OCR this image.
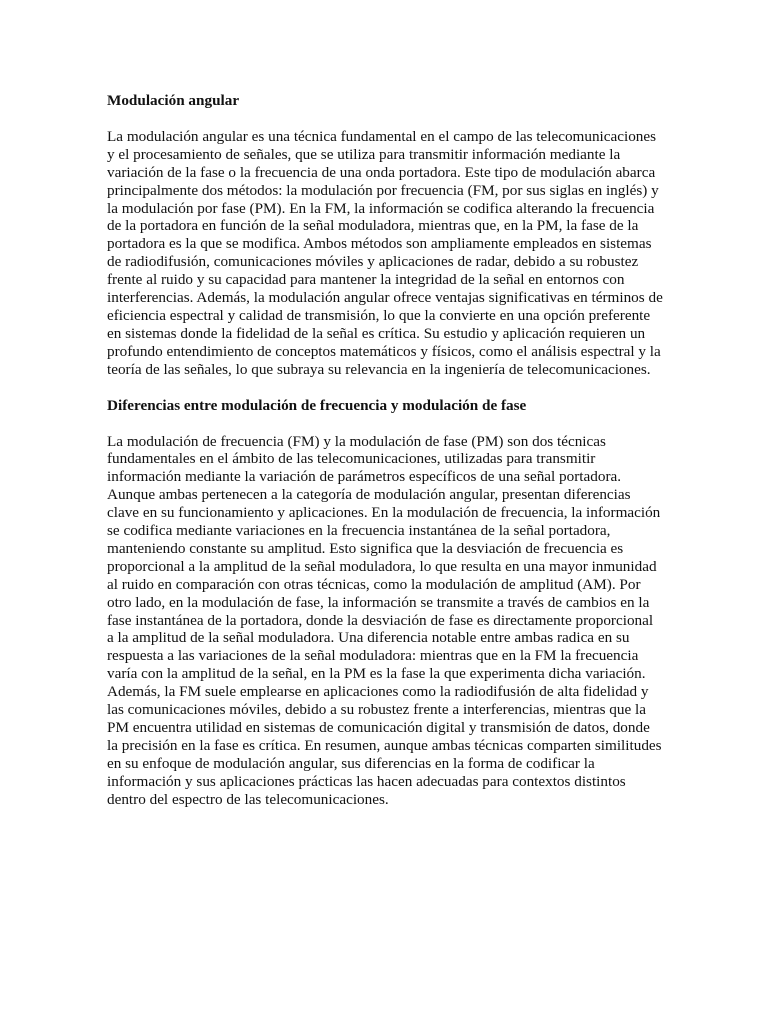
Modulación angular

La modulación angular es una técnica fundamental en el campo de las telecomunicaciones y el procesamiento de señales, que se utiliza para transmitir información mediante la variación de la fase o la frecuencia de una onda portadora. Este tipo de modulación abarca principalmente dos métodos: la modulación por frecuencia (FM, por sus siglas en inglés) y la modulación por fase (PM). En la FM, la información se codifica alterando la frecuencia de la portadora en función de la señal moduladora, mientras que, en la PM, la fase de la portadora es la que se modifica. Ambos métodos son ampliamente empleados en sistemas de radiodifusión, comunicaciones móviles y aplicaciones de radar, debido a su robustez frente al ruido y su capacidad para mantener la integridad de la señal en entornos con interferencias. Además, la modulación angular ofrece ventajas significativas en términos de eficiencia espectral y calidad de transmisión, lo que la convierte en una opción preferente en sistemas donde la fidelidad de la señal es crítica. Su estudio y aplicación requieren un profundo entendimiento de conceptos matemáticos y físicos, como el análisis espectral y la teoría de las señales, lo que subraya su relevancia en la ingeniería de telecomunicaciones.

Diferencias entre modulación de frecuencia y modulación de fase

La modulación de frecuencia (FM) y la modulación de fase (PM) son dos técnicas fundamentales en el ámbito de las telecomunicaciones, utilizadas para transmitir información mediante la variación de parámetros específicos de una señal portadora. Aunque ambas pertenecen a la categoría de modulación angular, presentan diferencias clave en su funcionamiento y aplicaciones. En la modulación de frecuencia, la información se codifica mediante variaciones en la frecuencia instantánea de la señal portadora, manteniendo constante su amplitud. Esto significa que la desviación de frecuencia es proporcional a la amplitud de la señal moduladora, lo que resulta en una mayor inmunidad al ruido en comparación con otras técnicas, como la modulación de amplitud (AM). Por otro lado, en la modulación de fase, la información se transmite a través de cambios en la fase instantánea de la portadora, donde la desviación de fase es directamente proporcional a la amplitud de la señal moduladora. Una diferencia notable entre ambas radica en su respuesta a las variaciones de la señal moduladora: mientras que en la FM la frecuencia varía con la amplitud de la señal, en la PM es la fase la que experimenta dicha variación. Además, la FM suele emplearse en aplicaciones como la radiodifusión de alta fidelidad y las comunicaciones móviles, debido a su robustez frente a interferencias, mientras que la PM encuentra utilidad en sistemas de comunicación digital y transmisión de datos, donde la precisión en la fase es crítica. En resumen, aunque ambas técnicas comparten similitudes en su enfoque de modulación angular, sus diferencias en la forma de codificar la información y sus aplicaciones prácticas las hacen adecuadas para contextos distintos dentro del espectro de las telecomunicaciones.
